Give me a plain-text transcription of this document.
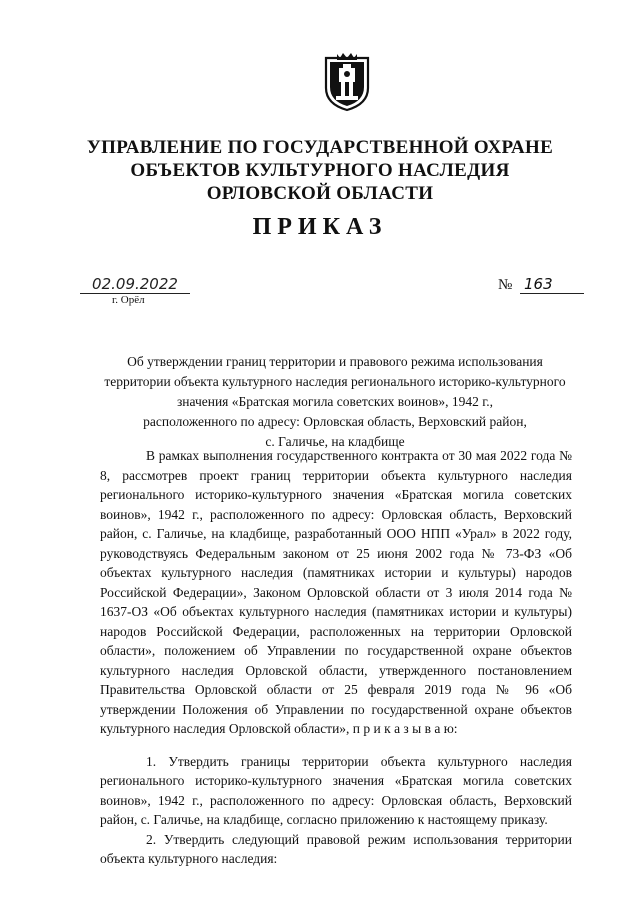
УПРАВЛЕНИЕ ПО ГОСУДАРСТВЕННОЙ ОХРАНЕ
ОБЪЕКТОВ КУЛЬТУРНОГО НАСЛЕДИЯ
ОРЛОВСКОЙ ОБЛАСТИ
ПРИКАЗ
02.09.2022
г. Орёл
№ 163
Об утверждении границ территории и правового режима использования
территории объекта культурного наследия регионального историко-культурного
значения «Братская могила советских воинов», 1942 г.,
расположенного по адресу: Орловская область, Верховский район,
с. Галичье, на кладбище

В рамках выполнения государственного контракта от 30 мая 2022 года № 8, рассмотрев проект границ территории объекта культурного наследия регионального историко-культурного значения «Братская могила советских воинов», 1942 г., расположенного по адресу: Орловская область, Верховский район, с. Галичье, на кладбище, разработанный ООО НПП «Урал» в 2022 году, руководствуясь Федеральным законом от 25 июня 2002 года № 73-ФЗ «Об объектах культурного наследия (памятниках истории и культуры) народов Российской Федерации», Законом Орловской области от 3 июля 2014 года № 1637-ОЗ «Об объектах культурного наследия (памятниках истории и культуры) народов Российской Федерации, расположенных на территории Орловской области», положением об Управлении по государственной охране объектов культурного наследия Орловской области, утвержденного постановлением Правительства Орловской области от 25 февраля 2019 года № 96 «Об утверждении Положения об Управлении по государственной охране объектов культурного наследия Орловской области», п р и к а з ы в а ю:

1. Утвердить границы территории объекта культурного наследия регионального историко-культурного значения «Братская могила советских воинов», 1942 г., расположенного по адресу: Орловская область, Верховский район, с. Галичье, на кладбище, согласно приложению к настоящему приказу.

2. Утвердить следующий правовой режим использования территории объекта культурного наследия:
